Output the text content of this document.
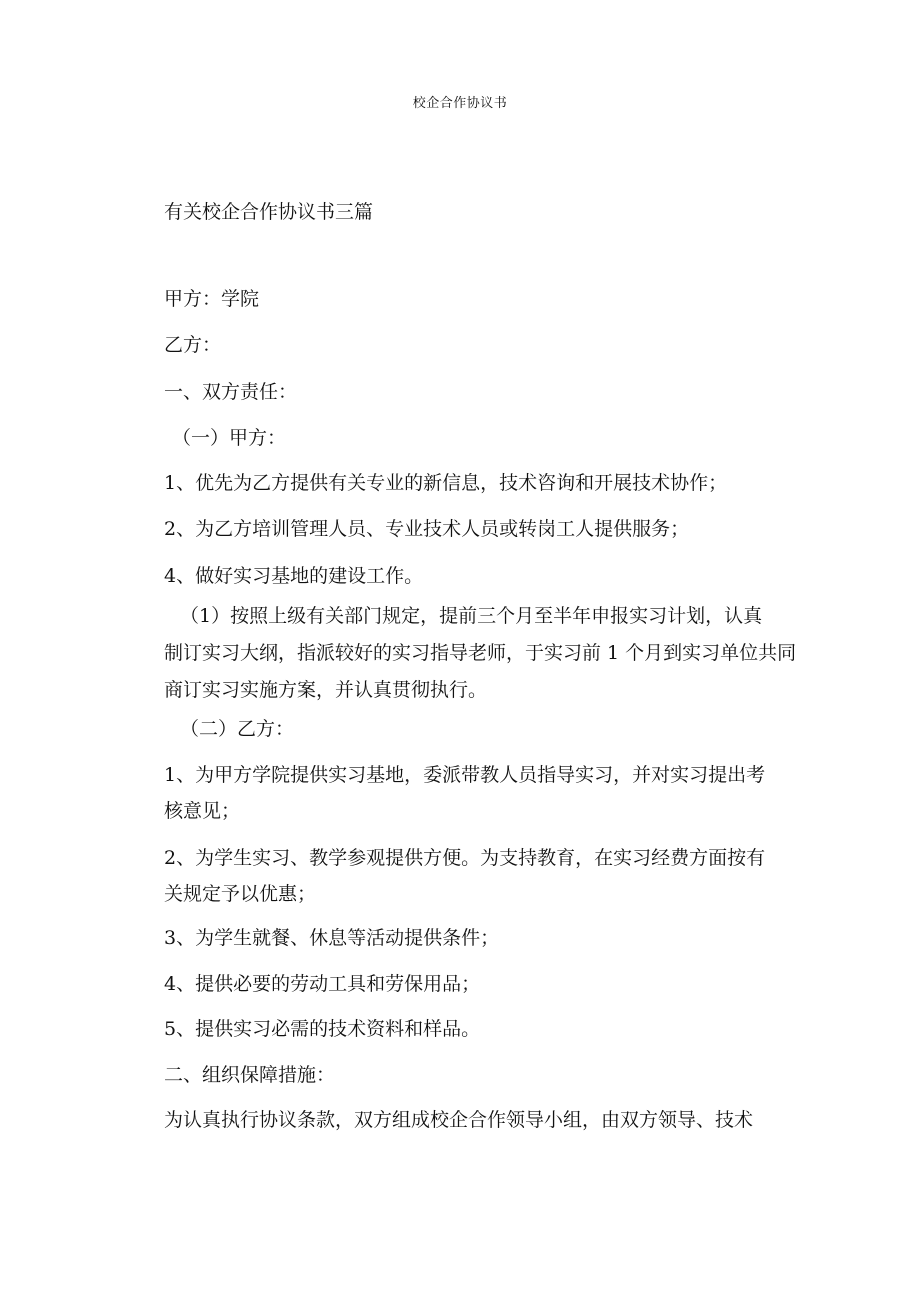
校企合作协议书
有关校企合作协议书三篇
甲方：学院
乙方：
一、双方责任：
（一）甲方：
1、优先为乙方提供有关专业的新信息，技术咨询和开展技术协作；
2、为乙方培训管理人员、专业技术人员或转岗工人提供服务；
4、做好实习基地的建设工作。
（1）按照上级有关部门规定，提前三个月至半年申报实习计划，认真
制订实习大纲，指派较好的实习指导老师，于实习前 1 个月到实习单位共同
商订实习实施方案，并认真贯彻执行。
（二）乙方：
1、为甲方学院提供实习基地，委派带教人员指导实习，并对实习提出考
核意见；
2、为学生实习、教学参观提供方便。为支持教育，在实习经费方面按有
关规定予以优惠；
3、为学生就餐、休息等活动提供条件；
4、提供必要的劳动工具和劳保用品；
5、提供实习必需的技术资料和样品。
二、组织保障措施：
为认真执行协议条款，双方组成校企合作领导小组，由双方领导、技术
